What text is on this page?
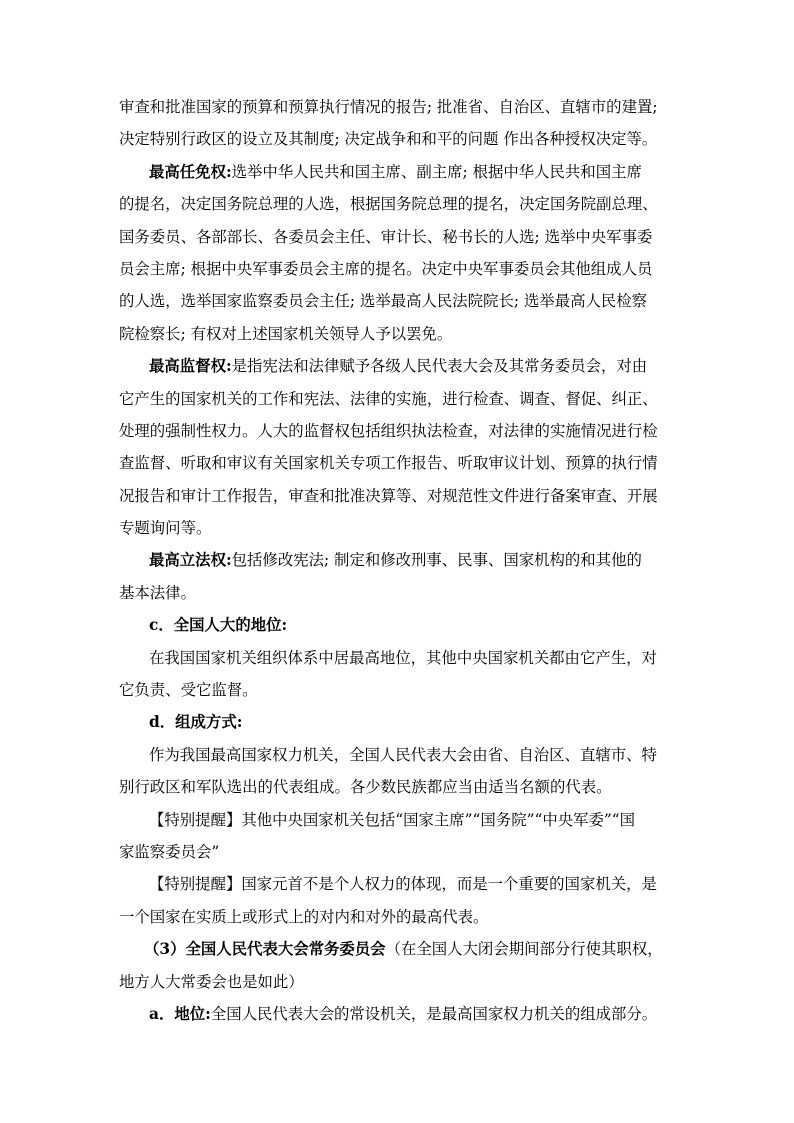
审查和批准国家的预算和预算执行情况的报告; 批准省、自治区、直辖市的建置;
决定特别行政区的设立及其制度; 决定战争和和平的问题 作出各种授权决定等。
最高任免权:选举中华人民共和国主席、副主席; 根据中华人民共和国主席
的提名，决定国务院总理的人选，根据国务院总理的提名，决定国务院副总理、
国务委员、各部部长、各委员会主任、审计长、秘书长的人选; 选举中央军事委
员会主席; 根据中央军事委员会主席的提名。决定中央军事委员会其他组成人员
的人选，选举国家监察委员会主任; 选举最高人民法院院长; 选举最高人民检察
院检察长; 有权对上述国家机关领导人予以罢免。
最高监督权:是指宪法和法律赋予各级人民代表大会及其常务委员会，对由
它产生的国家机关的工作和宪法、法律的实施，进行检查、调查、督促、纠正、
处理的强制性权力。人大的监督权包括组织执法检查，对法律的实施情况进行检
查监督、听取和审议有关国家机关专项工作报告、听取审议计划、预算的执行情
况报告和审计工作报告，审查和批准决算等、对规范性文件进行备案审查、开展
专题询问等。
最高立法权:包括修改宪法; 制定和修改刑事、民事、国家机构的和其他的
基本法律。
c．全国人大的地位:
在我国国家机关组织体系中居最高地位，其他中央国家机关都由它产生，对
它负责、受它监督。
d．组成方式:
作为我国最高国家权力机关，全国人民代表大会由省、自治区、直辖市、特
别行政区和军队选出的代表组成。各少数民族都应当由适当名额的代表。
【特别提醒】其他中央国家机关包括“国家主席”“国务院”“中央军委”“国
家监察委员会”
【特别提醒】国家元首不是个人权力的体现，而是一个重要的国家机关，是
一个国家在实质上或形式上的对内和对外的最高代表。
（3）全国人民代表大会常务委员会（在全国人大闭会期间部分行使其职权，
地方人大常委会也是如此）
a．地位:全国人民代表大会的常设机关，是最高国家权力机关的组成部分。
